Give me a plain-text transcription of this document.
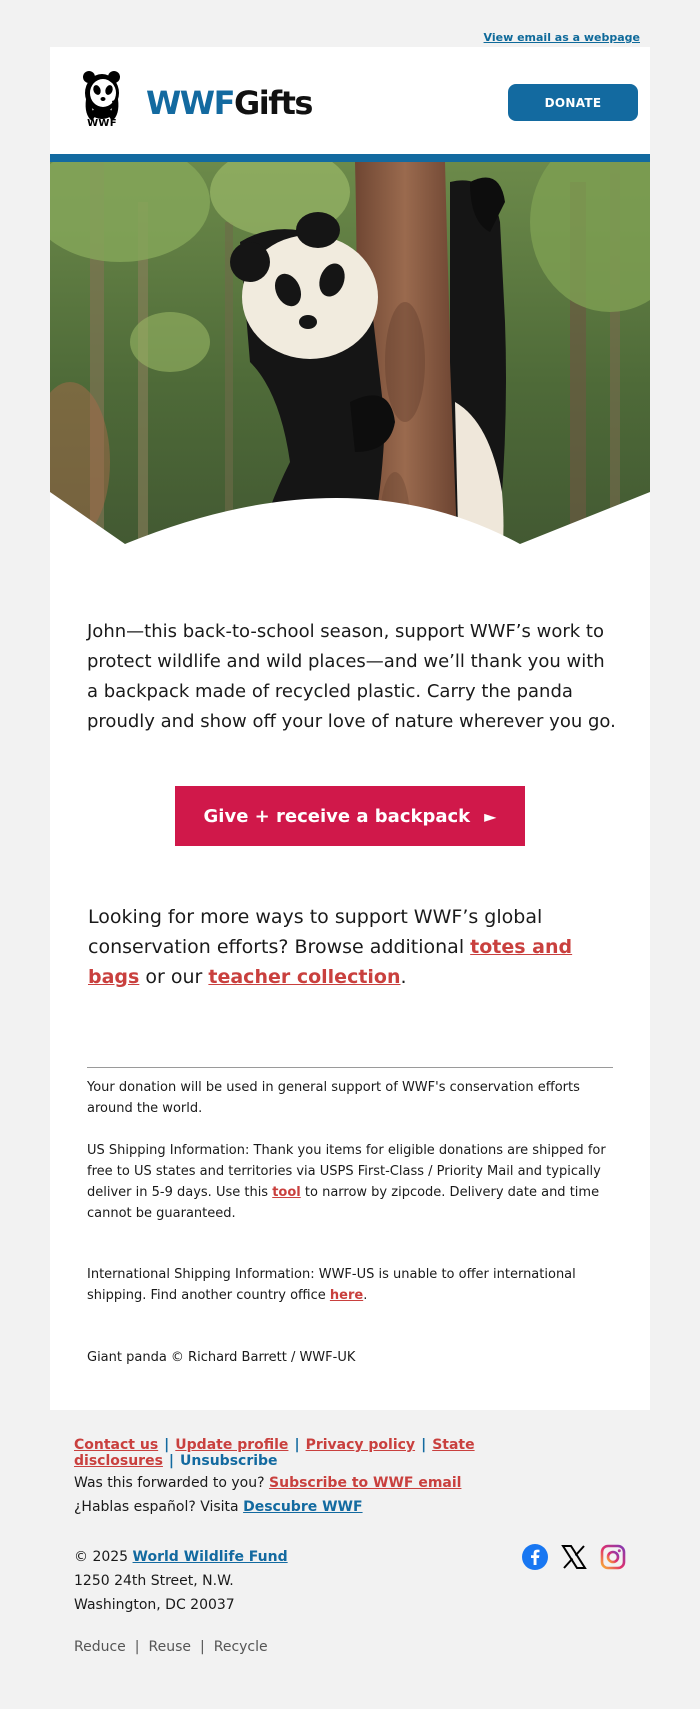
View email as a webpage
WWF
WWFGifts	DONATE

John—this back-to-school season, support WWF’s work to protect wildlife and wild places—and we’ll thank you with a backpack made of recycled plastic. Carry the panda proudly and show off your love of nature wherever you go.

Give + receive a backpack ►

Looking for more ways to support WWF’s global conservation efforts? Browse additional totes and bags or our teacher collection.

Your donation will be used in general support of WWF's conservation efforts around the world.

US Shipping Information: Thank you items for eligible donations are shipped for free to US states and territories via USPS First-Class / Priority Mail and typically deliver in 5-9 days. Use this tool to narrow by zipcode. Delivery date and time cannot be guaranteed.

International Shipping Information: WWF-US is unable to offer international shipping. Find another country office here.

Giant panda © Richard Barrett / WWF-UK

Contact us | Update profile | Privacy policy | State disclosures | Unsubscribe

Was this forwarded to you? Subscribe to WWF email

¿Hablas español? Visita Descubre WWF

© 2025 World Wildlife Fund
1250 24th Street, N.W.
Washington, DC 20037
Reduce | Reuse | Recycle
